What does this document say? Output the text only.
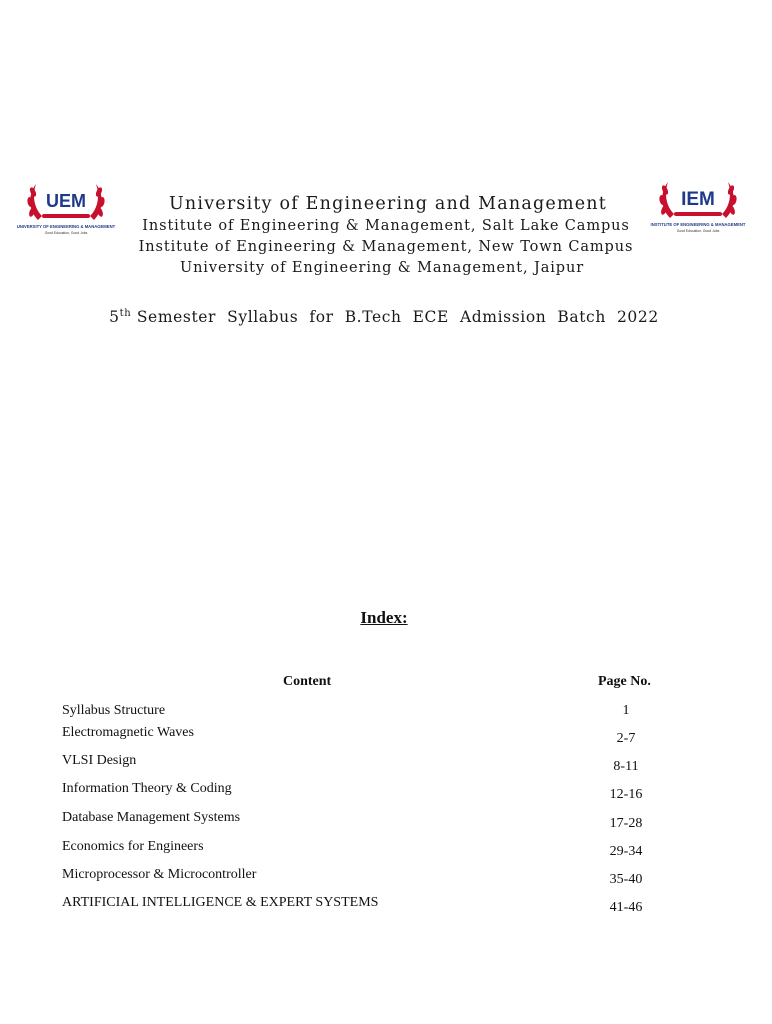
UEM
UNIVERSITY OF ENGINEERING & MANAGEMENT
Good Education, Good Jobs
IEM
INSTITUTE OF ENGINEERING & MANAGEMENT
Good Education, Good Jobs
University of Engineering and Management
Institute of Engineering & Management, Salt Lake Campus
Institute of Engineering & Management, New Town Campus
University of Engineering & Management, Jaipur
5th Semester  Syllabus  for  B.Tech  ECE  Admission  Batch  2022
Index:
Content	Page No.
Syllabus Structure	1
Electromagnetic Waves	2-7
VLSI Design	8-11
Information Theory & Coding	12-16
Database Management Systems	17-28
Economics for Engineers	29-34
Microprocessor & Microcontroller	35-40
ARTIFICIAL INTELLIGENCE & EXPERT SYSTEMS	41-46
